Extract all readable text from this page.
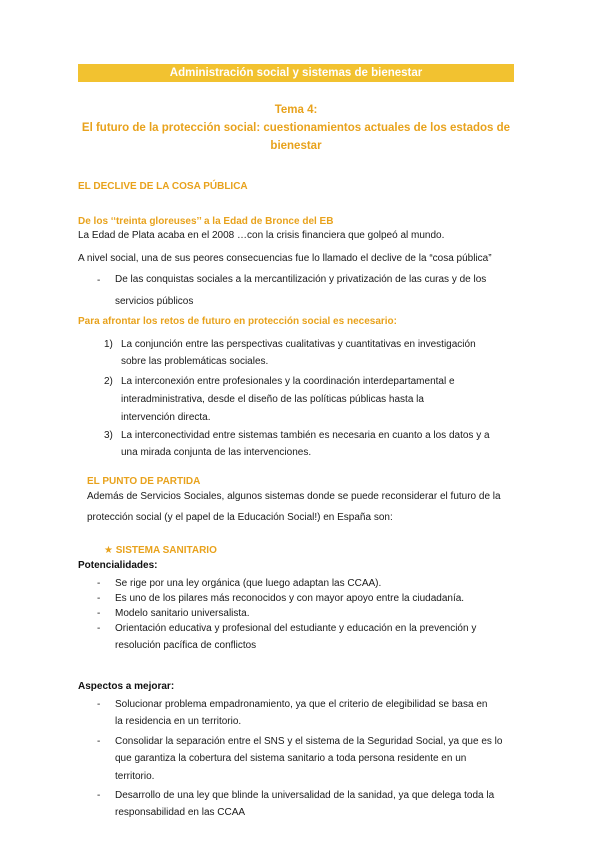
Administración social y sistemas de bienestar
Tema 4:
El futuro de la protección social: cuestionamientos actuales de los estados de
bienestar
EL DECLIVE DE LA COSA PÚBLICA
De los ‘‘treinta gloreuses’’ a la Edad de Bronce del EB
La Edad de Plata acaba en el 2008 …con la crisis financiera que golpeó al mundo.
A nivel social, una de sus peores consecuencias fue lo llamado el declive de la “cosa pública”
- De las conquistas sociales a la mercantilización y privatización de las curas y de los
servicios públicos
Para afrontar los retos de futuro en protección social es necesario:
1) La conjunción entre las perspectivas cualitativas y cuantitativas en investigación
sobre las problemáticas sociales.
2) La interconexión entre profesionales y la coordinación interdepartamental e
interadministrativa, desde el diseño de las políticas públicas hasta la
intervención directa.
3) La interconectividad entre sistemas también es necesaria en cuanto a los datos y a
una mirada conjunta de las intervenciones.
EL PUNTO DE PARTIDA
Además de Servicios Sociales, algunos sistemas donde se puede reconsiderar el futuro de la
protección social (y el papel de la Educación Social!) en España son:
★ SISTEMA SANITARIO
Potencialidades:
- Se rige por una ley orgánica (que luego adaptan las CCAA).
- Es uno de los pilares más reconocidos y con mayor apoyo entre la ciudadanía.
- Modelo sanitario universalista.
- Orientación educativa y profesional del estudiante y educación en la prevención y
resolución pacífica de conflictos
Aspectos a mejorar:
- Solucionar problema empadronamiento, ya que el criterio de elegibilidad se basa en
la residencia en un territorio.
- Consolidar la separación entre el SNS y el sistema de la Seguridad Social, ya que es lo
que garantiza la cobertura del sistema sanitario a toda persona residente en un
territorio.
- Desarrollo de una ley que blinde la universalidad de la sanidad, ya que delega toda la
responsabilidad en las CCAA
